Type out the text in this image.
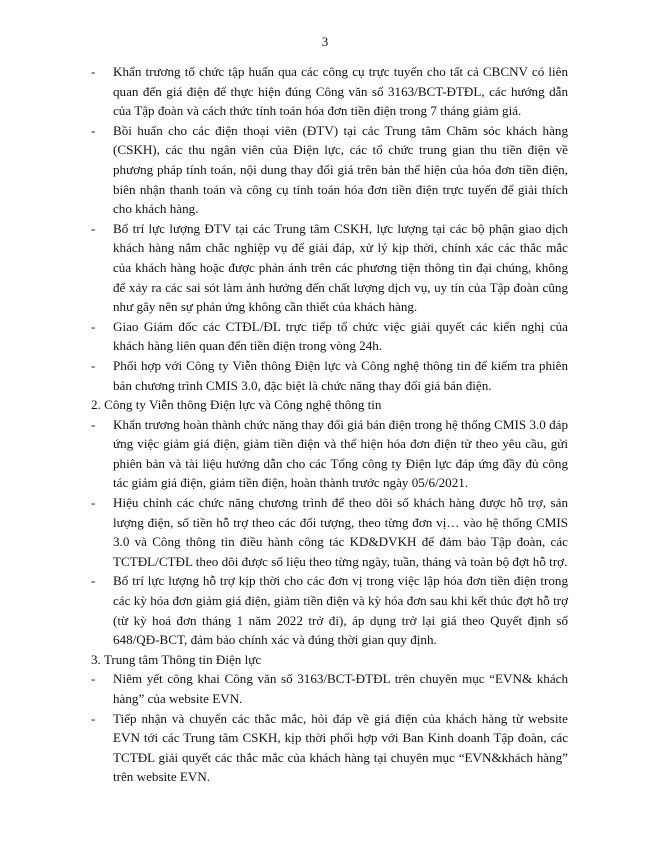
3
- Khẩn trương tổ chức tập huấn qua các công cụ trực tuyến cho tất cả CBCNV có liên quan đến giá điện để thực hiện đúng Công văn số 3163/BCT-ĐTĐL, các hướng dẫn của Tập đoàn và cách thức tính toán hóa đơn tiền điện trong 7 tháng giảm giá.
- Bồi huấn cho các điện thoại viên (ĐTV) tại các Trung tâm Chăm sóc khách hàng (CSKH), các thu ngân viên của Điện lực, các tổ chức trung gian thu tiền điện về phương pháp tính toán, nội dung thay đổi giá trên bản thể hiện của hóa đơn tiền điện, biên nhận thanh toán và công cụ tính toán hóa đơn tiền điện trực tuyến để giải thích cho khách hàng.
- Bố trí lực lượng ĐTV tại các Trung tâm CSKH, lực lượng tại các bộ phận giao dịch khách hàng nắm chắc nghiệp vụ để giải đáp, xử lý kịp thời, chính xác các thắc mắc của khách hàng hoặc được phản ánh trên các phương tiện thông tin đại chúng, không để xảy ra các sai sót làm ảnh hưởng đến chất lượng dịch vụ, uy tín của Tập đoàn cũng như gây nên sự phản ứng không cần thiết của khách hàng.
- Giao Giám đốc các CTĐL/ĐL trực tiếp tổ chức việc giải quyết các kiến nghị của khách hàng liên quan đến tiền điện trong vòng 24h.
- Phối hợp với Công ty Viễn thông Điện lực và Công nghệ thông tin để kiểm tra phiên bản chương trình CMIS 3.0, đặc biệt là chức năng thay đổi giá bán điện.
2. Công ty Viễn thông Điện lực và Công nghệ thông tin
- Khẩn trương hoàn thành chức năng thay đổi giá bán điện trong hệ thống CMIS 3.0 đáp ứng việc giảm giá điện, giảm tiền điện và thể hiện hóa đơn điện tử theo yêu cầu, gửi phiên bản và tài liệu hướng dẫn cho các Tổng công ty Điện lực đáp ứng đầy đủ công tác giảm giá điện, giảm tiền điện, hoàn thành trước ngày 05/6/2021.
- Hiệu chỉnh các chức năng chương trình để theo dõi số khách hàng được hỗ trợ, sản lượng điện, số tiền hỗ trợ theo các đối tượng, theo từng đơn vị… vào hệ thống CMIS 3.0 và Công thông tin điều hành công tác KD&DVKH để đảm bảo Tập đoàn, các TCTĐL/CTĐL theo dõi được số liệu theo từng ngày, tuần, tháng và toàn bộ đợt hỗ trợ.
- Bố trí lực lượng hỗ trợ kịp thời cho các đơn vị trong việc lập hóa đơn tiền điện trong các kỳ hóa đơn giảm giá điện, giảm tiền điện và kỳ hóa đơn sau khi kết thúc đợt hỗ trợ (từ kỳ hoá đơn tháng 1 năm 2022 trở đi), áp dụng trở lại giá theo Quyết định số 648/QĐ-BCT, đảm bảo chính xác và đúng thời gian quy định.
3. Trung tâm Thông tin Điện lực
- Niêm yết công khai Công văn số 3163/BCT-ĐTĐL trên chuyên mục “EVN& khách hàng” của website EVN.
- Tiếp nhận và chuyển các thắc mắc, hỏi đáp về giá điện của khách hàng từ website EVN tới các Trung tâm CSKH, kịp thời phối hợp với Ban Kinh doanh Tập đoàn, các TCTĐL giải quyết các thắc mắc của khách hàng tại chuyên mục “EVN&khách hàng” trên website EVN.
